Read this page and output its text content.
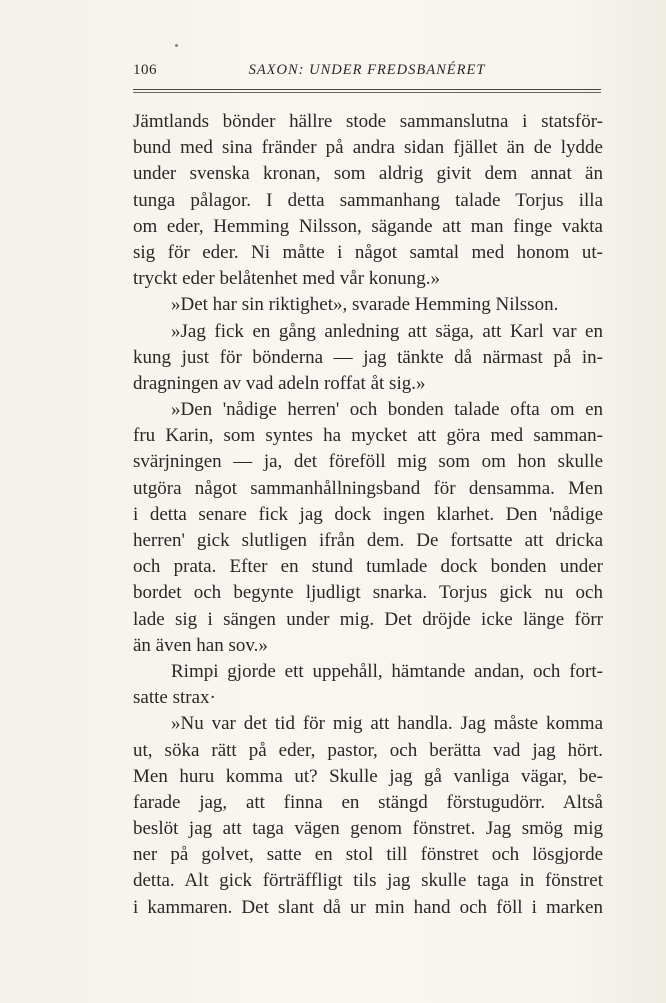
106	SAXON: UNDER FREDSBANÉRET
Jämtlands bönder hällre stode sammanslutna i statsför-
bund med sina fränder på andra sidan fjället än de lydde
under svenska kronan, som aldrig givit dem annat än
tunga pålagor. I detta sammanhang talade Torjus illa
om eder, Hemming Nilsson, sägande att man finge vakta
sig för eder. Ni måtte i något samtal med honom ut-
tryckt eder belåtenhet med vår konung.»
»Det har sin riktighet», svarade Hemming Nilsson.
»Jag fick en gång anledning att säga, att Karl var en
kung just för bönderna — jag tänkte då närmast på in-
dragningen av vad adeln roffat åt sig.»
»Den 'nådige herren' och bonden talade ofta om en
fru Karin, som syntes ha mycket att göra med samman-
svärjningen — ja, det föreföll mig som om hon skulle
utgöra något sammanhållningsband för densamma. Men
i detta senare fick jag dock ingen klarhet. Den 'nådige
herren' gick slutligen ifrån dem. De fortsatte att dricka
och prata. Efter en stund tumlade dock bonden under
bordet och begynte ljudligt snarka. Torjus gick nu och
lade sig i sängen under mig. Det dröjde icke länge förr
än även han sov.»
Rimpi gjorde ett uppehåll, hämtande andan, och fort-
satte strax·
»Nu var det tid för mig att handla. Jag måste komma
ut, söka rätt på eder, pastor, och berätta vad jag hört.
Men huru komma ut? Skulle jag gå vanliga vägar, be-
farade jag, att finna en stängd förstugudörr. Altså
beslöt jag att taga vägen genom fönstret. Jag smög mig
ner på golvet, satte en stol till fönstret och lösgjorde
detta. Alt gick förträffligt tils jag skulle taga in fönstret
i kammaren. Det slant då ur min hand och föll i marken
